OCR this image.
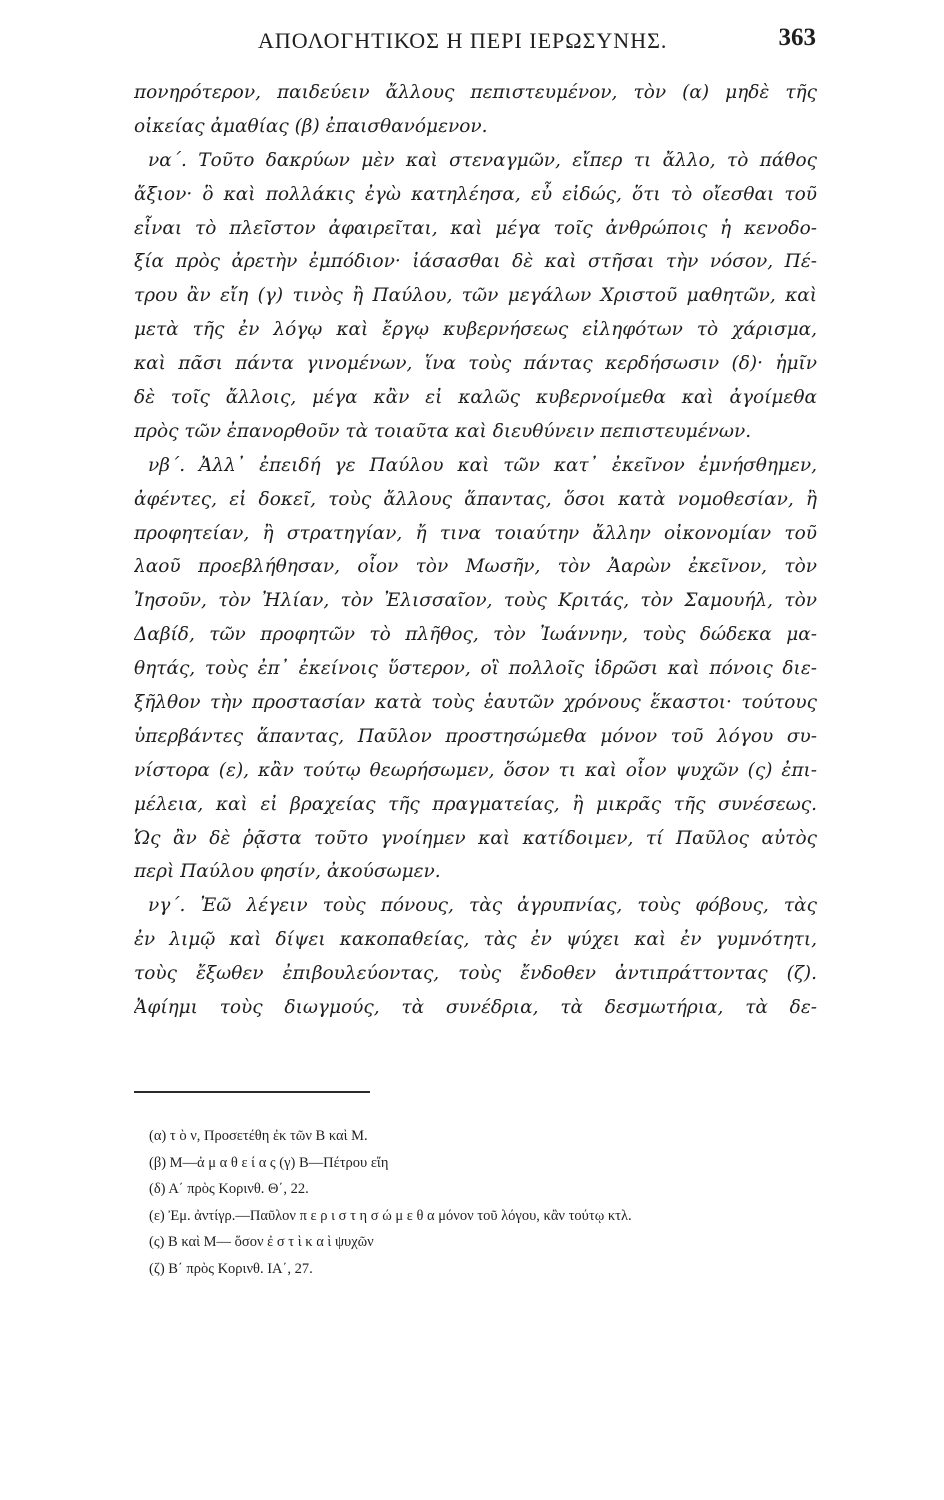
ΑΠΟΛΟΓΗΤΙΚΟΣ Η ΠΕΡΙ ΙΕΡΩΣΥΝΗΣ.	363
πονηρότερον, παιδεύειν ἄλλους πεπιστευμένον, τὸν (α) μηδὲ τῆς
οἰκείας ἀμαθίας (β) ἐπαισθανόμενον.
να΄. Τοῦτο δακρύων μὲν καὶ στεναγμῶν, εἴπερ τι ἄλλο, τὸ πάθος
ἄξιον· ὃ καὶ πολλάκις ἐγὼ κατηλέησα, εὖ εἰδώς, ὅτι τὸ οἴεσθαι τοῦ
εἶναι τὸ πλεῖστον ἀφαιρεῖται, καὶ μέγα τοῖς ἀνθρώποις ἡ κενοδο-
ξία πρὸς ἀρετὴν ἐμπόδιον· ἰάσασθαι δὲ καὶ στῆσαι τὴν νόσον, Πέ-
τρου ἂν εἴη (γ) τινὸς ἢ Παύλου, τῶν μεγάλων Χριστοῦ μαθητῶν, καὶ
μετὰ τῆς ἐν λόγῳ καὶ ἔργῳ κυβερνήσεως εἰληφότων τὸ χάρισμα,
καὶ πᾶσι πάντα γινομένων, ἵνα τοὺς πάντας κερδήσωσιν (δ)· ἡμῖν
δὲ τοῖς ἄλλοις, μέγα κἂν εἰ καλῶς κυβερνοίμεθα καὶ ἀγοίμεθα
πρὸς τῶν ἐπανορθοῦν τὰ τοιαῦτα καὶ διευθύνειν πεπιστευμένων.
νβ΄. Ἀλλ᾽ ἐπειδή γε Παύλου καὶ τῶν κατ᾽ ἐκεῖνον ἐμνήσθημεν,
ἀφέντες, εἰ δοκεῖ, τοὺς ἄλλους ἅπαντας, ὅσοι κατὰ νομοθεσίαν, ἢ
προφητείαν, ἢ στρατηγίαν, ἤ τινα τοιαύτην ἄλλην οἰκονομίαν τοῦ
λαοῦ προεβλήθησαν, οἷον τὸν Μωσῆν, τὸν Ἀαρὼν ἐκεῖνον, τὸν
Ἰησοῦν, τὸν Ἠλίαν, τὸν Ἐλισσαῖον, τοὺς Κριτάς, τὸν Σαμουήλ, τὸν
Δαβίδ, τῶν προφητῶν τὸ πλῆθος, τὸν Ἰωάννην, τοὺς δώδεκα μα-
θητάς, τοὺς ἐπ᾽ ἐκείνοις ὕστερον, οἳ πολλοῖς ἱδρῶσι καὶ πόνοις διε-
ξῆλθον τὴν προστασίαν κατὰ τοὺς ἑαυτῶν χρόνους ἕκαστοι· τούτους
ὑπερβάντες ἅπαντας, Παῦλον προστησώμεθα μόνον τοῦ λόγου συ-
νίστορα (ε), κἂν τούτῳ θεωρήσωμεν, ὅσον τι καὶ οἷον ψυχῶν (ς) ἐπι-
μέλεια, καὶ εἰ βραχείας τῆς πραγματείας, ἢ μικρᾶς τῆς συνέσεως.
Ὡς ἂν δὲ ῥᾷστα τοῦτο γνοίημεν καὶ κατίδοιμεν, τί Παῦλος αὐτὸς
περὶ Παύλου φησίν, ἀκούσωμεν.
νγ΄. Ἐῶ λέγειν τοὺς πόνους, τὰς ἀγρυπνίας, τοὺς φόβους, τὰς
ἐν λιμῷ καὶ δίψει κακοπαθείας, τὰς ἐν ψύχει καὶ ἐν γυμνότητι,
τοὺς ἔξωθεν ἐπιβουλεύοντας, τοὺς ἔνδοθεν ἀντιπράττοντας (ζ).
Ἀφίημι τοὺς διωγμούς, τὰ συνέδρια, τὰ δεσμωτήρια, τὰ δε-
(α) τ ὸ ν, Προσετέθη ἐκ τῶν Β καὶ Μ.
(β) Μ—ἀ μ α θ ε ί α ς (γ) Β—Πέτρου εἴη
(δ) Α΄ πρὸς Κορινθ. Θ΄, 22.
(ε) Ἐμ. ἀντίγρ.—Παῦλον π ε ρ ι σ τ η σ ώ μ ε θ α μόνον τοῦ λόγου, κἂν τούτῳ κτλ.
(ς) Β καὶ Μ— ὅσον ἐ σ τ ὶ κ α ὶ ψυχῶν
(ζ) Β΄ πρὸς Κορινθ. ΙΑ΄, 27.
